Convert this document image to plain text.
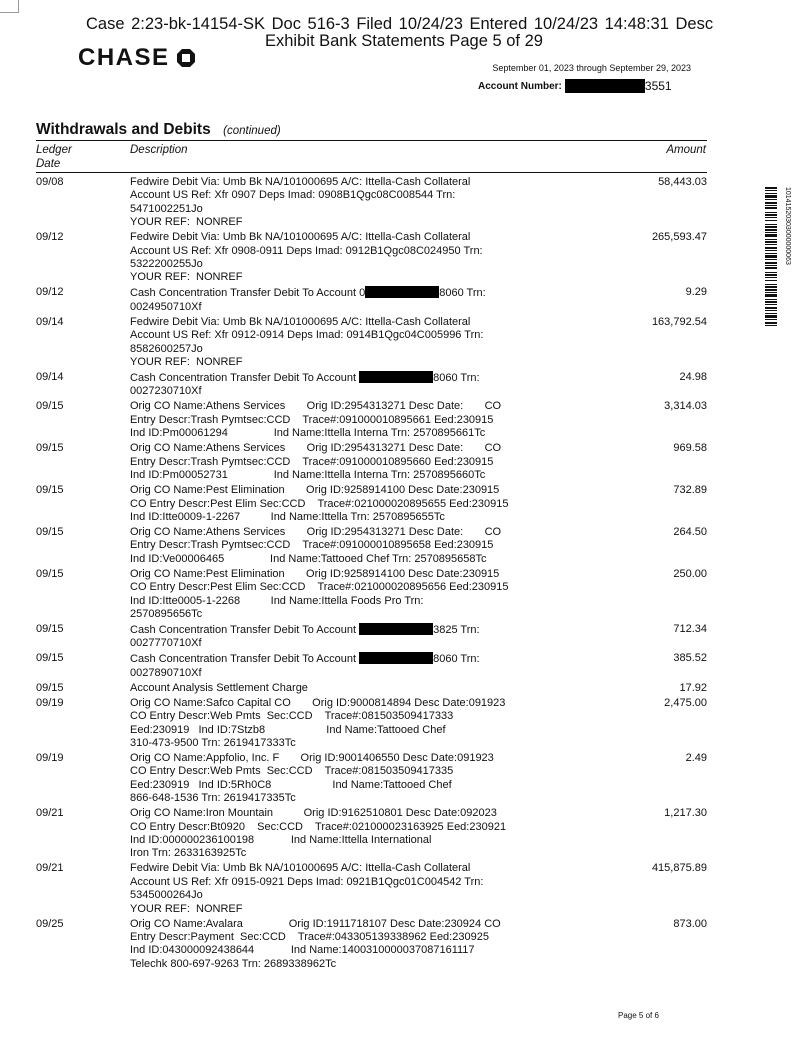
Case 2:23-bk-14154-SK Doc 516-3 Filed 10/24/23 Entered 10/24/23 14:48:31 Desc
Exhibit Bank Statements Page 5 of 29
CHASE	September 01, 2023 through September 29, 2023
Account Number:	3551
Withdrawals and Debits (continued)
Ledger
Date
Description	Amount
09/08	Fedwire Debit Via: Umb Bk NA/101000695 A/C: Ittella-Cash Collateral
Account US Ref: Xfr 0907 Deps Imad: 0908B1Qgc08C008544 Trn:
5471002251Jo
YOUR REF:  NONREF
58,443.03
09/12	Fedwire Debit Via: Umb Bk NA/101000695 A/C: Ittella-Cash Collateral
Account US Ref: Xfr 0908-0911 Deps Imad: 0912B1Qgc08C024950 Trn:
5322200255Jo
YOUR REF:  NONREF
265,593.47
09/12	Cash Concentration Transfer Debit To Account 0	8060 Trn:
0024950710Xf
9.29
09/14	Fedwire Debit Via: Umb Bk NA/101000695 A/C: Ittella-Cash Collateral
Account US Ref: Xfr 0912-0914 Deps Imad: 0914B1Qgc04C005996 Trn:
8582600257Jo
YOUR REF:  NONREF
163,792.54
09/14	Cash Concentration Transfer Debit To Account	8060 Trn:
0027230710Xf
24.98
09/15	Orig CO Name:Athens Services       Orig ID:2954313271 Desc Date:       CO
Entry Descr:Trash Pymtsec:CCD    Trace#:091000010895661 Eed:230915
Ind ID:Pm00061294               Ind Name:Ittella Interna Trn: 2570895661Tc
3,314.03
09/15	Orig CO Name:Athens Services       Orig ID:2954313271 Desc Date:       CO
Entry Descr:Trash Pymtsec:CCD    Trace#:091000010895660 Eed:230915
Ind ID:Pm00052731               Ind Name:Ittella Interna Trn: 2570895660Tc
969.58
09/15	Orig CO Name:Pest Elimination       Orig ID:9258914100 Desc Date:230915
CO Entry Descr:Pest Elim Sec:CCD    Trace#:021000020895655 Eed:230915
Ind ID:Itte0009-1-2267          Ind Name:Ittella Trn: 2570895655Tc
732.89
09/15	Orig CO Name:Athens Services       Orig ID:2954313271 Desc Date:       CO
Entry Descr:Trash Pymtsec:CCD    Trace#:091000010895658 Eed:230915
Ind ID:Ve00006465               Ind Name:Tattooed Chef Trn: 2570895658Tc
264.50
09/15	Orig CO Name:Pest Elimination       Orig ID:9258914100 Desc Date:230915
CO Entry Descr:Pest Elim Sec:CCD    Trace#:021000020895656 Eed:230915
Ind ID:Itte0005-1-2268          Ind Name:Ittella Foods Pro Trn:
2570895656Tc
250.00
09/15	Cash Concentration Transfer Debit To Account	3825 Trn:
0027770710Xf
712.34
09/15	Cash Concentration Transfer Debit To Account	8060 Trn:
0027890710Xf
385.52
09/15	Account Analysis Settlement Charge	17.92
09/19	Orig CO Name:Safco Capital CO       Orig ID:9000814894 Desc Date:091923
CO Entry Descr:Web Pmts  Sec:CCD    Trace#:081503509417333
Eed:230919   Ind ID:7Stzb8                    Ind Name:Tattooed Chef
310-473-9500 Trn: 2619417333Tc
2,475.00
09/19	Orig CO Name:Appfolio, Inc. F       Orig ID:9001406550 Desc Date:091923
CO Entry Descr:Web Pmts  Sec:CCD    Trace#:081503509417335
Eed:230919   Ind ID:5Rh0C8                    Ind Name:Tattooed Chef
866-648-1536 Trn: 2619417335Tc
2.49
09/21	Orig CO Name:Iron Mountain          Orig ID:9162510801 Desc Date:092023
CO Entry Descr:Bt0920    Sec:CCD    Trace#:021000023163925 Eed:230921
Ind ID:000000236100198            Ind Name:Ittella International
Iron Trn: 2633163925Tc
1,217.30
09/21	Fedwire Debit Via: Umb Bk NA/101000695 A/C: Ittella-Cash Collateral
Account US Ref: Xfr 0915-0921 Deps Imad: 0921B1Qgc01C004542 Trn:
5345000264Jo
YOUR REF:  NONREF
415,875.89
09/25	Orig CO Name:Avalara               Orig ID:1911718107 Desc Date:230924 CO
Entry Descr:Payment  Sec:CCD    Trace#:043305139338962 Eed:230925
Ind ID:043000092438644            Ind Name:1400310000037087161117
Telechk 800-697-9263 Trn: 2689338962Tc
873.00
10141520303000000063
Page 5 of 6
